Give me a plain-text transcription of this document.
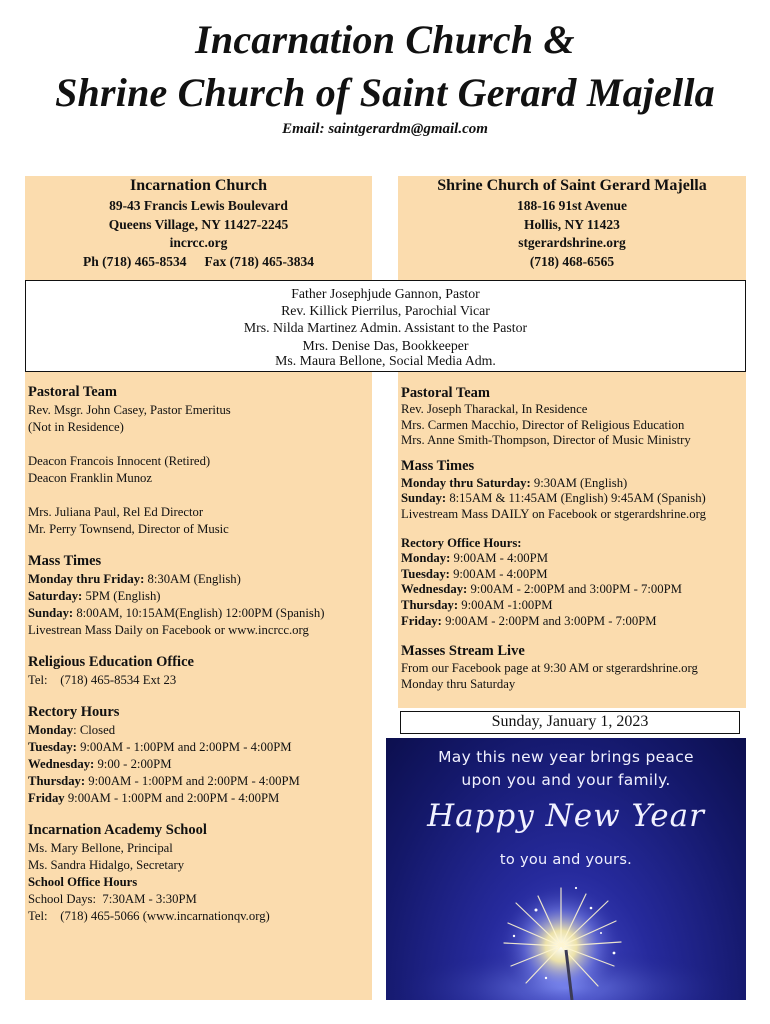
Incarnation Church &
Shrine Church of Saint Gerard Majella
Email: saintgerardm@gmail.com
Incarnation Church
89-43 Francis Lewis Boulevard
Queens Village, NY 11427-2245
incrcc.org
Ph (718) 465-8534 Fax (718) 465-3834
Shrine Church of Saint Gerard Majella
188-16 91st Avenue
Hollis, NY 11423
stgerardshrine.org
(718) 468-6565
Father Josephjude Gannon, Pastor
Rev. Killick Pierrilus, Parochial Vicar
Mrs. Nilda Martinez Admin. Assistant to the Pastor
Mrs. Denise Das, Bookkeeper
Ms. Maura Bellone, Social Media Adm.
Pastoral Team
Rev. Msgr. John Casey, Pastor Emeritus
(Not in Residence)
Deacon Francois Innocent (Retired)
Deacon Franklin Munoz
Mrs. Juliana Paul, Rel Ed Director
Mr. Perry Townsend, Director of Music
Mass Times
Monday thru Friday: 8:30AM (English)
Saturday: 5PM (English)
Sunday: 8:00AM, 10:15AM(English) 12:00PM (Spanish)
Livestrean Mass Daily on Facebook or www.incrcc.org
Religious Education Office
Tel:    (718) 465-8534 Ext 23
Rectory Hours
Monday: Closed
Tuesday: 9:00AM - 1:00PM and 2:00PM - 4:00PM
Wednesday: 9:00 - 2:00PM
Thursday: 9:00AM - 1:00PM and 2:00PM - 4:00PM
Friday 9:00AM - 1:00PM and 2:00PM - 4:00PM
Incarnation Academy School
Ms. Mary Bellone, Principal
Ms. Sandra Hidalgo, Secretary
School Office Hours
School Days:  7:30AM - 3:30PM
Tel:    (718) 465-5066 (www.incarnationqv.org)
Pastoral Team
Rev. Joseph Tharackal, In Residence
Mrs. Carmen Macchio, Director of Religious Education
Mrs. Anne Smith-Thompson, Director of Music Ministry
Mass Times
Monday thru Saturday: 9:30AM (English)
Sunday: 8:15AM & 11:45AM (English) 9:45AM (Spanish)
Livestream Mass DAILY on Facebook or stgerardshrine.org
Rectory Office Hours:
Monday: 9:00AM - 4:00PM
Tuesday: 9:00AM - 4:00PM
Wednesday: 9:00AM - 2:00PM and 3:00PM - 7:00PM
Thursday: 9:00AM -1:00PM
Friday: 9:00AM - 2:00PM and 3:00PM - 7:00PM
Masses Stream Live
From our Facebook page at 9:30 AM or stgerardshrine.org
Monday thru Saturday
Sunday, January 1, 2023
May this new year brings peace
upon you and your family.
Happy New Year
to you and yours.
